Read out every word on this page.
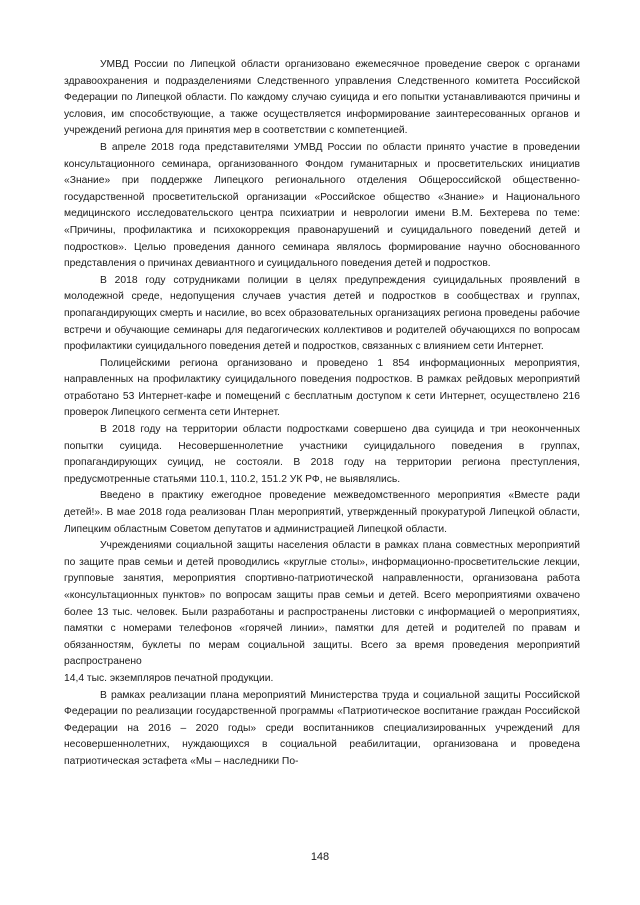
УМВД России по Липецкой области организовано ежемесячное проведение сверок с органами здравоохранения и подразделениями Следственного управления Следственного комитета Российской Федерации по Липецкой области. По каждому случаю суицида и его попытки устанавливаются причины и условия, им способствующие, а также осуществляется информирование заинтересованных органов и учреждений региона для принятия мер в соответствии с компетенцией.

В апреле 2018 года представителями УМВД России по области принято участие в проведении консультационного семинара, организованного Фондом гуманитарных и просветительских инициатив «Знание» при поддержке Липецкого регионального отделения Общероссийской общественно-государственной просветительской организации «Российское общество «Знание» и Национального медицинского исследовательского центра психиатрии и неврологии имени В.М. Бехтерева по теме: «Причины, профилактика и психокоррекция правонарушений и суицидального поведений детей и подростков». Целью проведения данного семинара являлось формирование научно обоснованного представления о причинах девиантного и суицидального поведения детей и подростков.

В 2018 году сотрудниками полиции в целях предупреждения суицидальных проявлений в молодежной среде, недопущения случаев участия детей и подростков в сообществах и группах, пропагандирующих смерть и насилие, во всех образовательных организациях региона проведены рабочие встречи и обучающие семинары для педагогических коллективов и родителей обучающихся по вопросам профилактики суицидального поведения детей и подростков, связанных с влиянием сети Интернет.

Полицейскими региона организовано и проведено 1 854 информационных мероприятия, направленных на профилактику суицидального поведения подростков. В рамках рейдовых мероприятий отработано 53 Интернет-кафе и помещений с бесплатным доступом к сети Интернет, осуществлено 216 проверок Липецкого сегмента сети Интернет.

В 2018 году на территории области подростками совершено два суицида и три неоконченных попытки суицида. Несовершеннолетние участники суицидального поведения в группах, пропагандирующих суицид, не состояли. В 2018 году на территории региона преступления, предусмотренные статьями 110.1, 110.2, 151.2 УК РФ, не выявлялись.

Введено в практику ежегодное проведение межведомственного мероприятия «Вместе ради детей!». В мае 2018 года реализован План мероприятий, утвержденный прокуратурой Липецкой области, Липецким областным Советом депутатов и администрацией Липецкой области.

Учреждениями социальной защиты населения области в рамках плана совместных мероприятий по защите прав семьи и детей проводились «круглые столы», информационно-просветительские лекции, групповые занятия, мероприятия спортивно-патриотической направленности, организована работа «консультационных пунктов» по вопросам защиты прав семьи и детей. Всего мероприятиями охвачено более 13 тыс. человек. Были разработаны и распространены листовки с информацией о мероприятиях, памятки с номерами телефонов «горячей линии», памятки для детей и родителей по правам и обязанностям, буклеты по мерам социальной защиты. Всего за время проведения мероприятий распространено

14,4 тыс. экземпляров печатной продукции.

В рамках реализации плана мероприятий Министерства труда и социальной защиты Российской Федерации по реализации государственной программы «Патриотическое воспитание граждан Российской Федерации на 2016 – 2020 годы» среди воспитанников специализированных учреждений для несовершеннолетних, нуждающихся в социальной реабилитации, организована и проведена патриотическая эстафета «Мы – наследники По-

148
